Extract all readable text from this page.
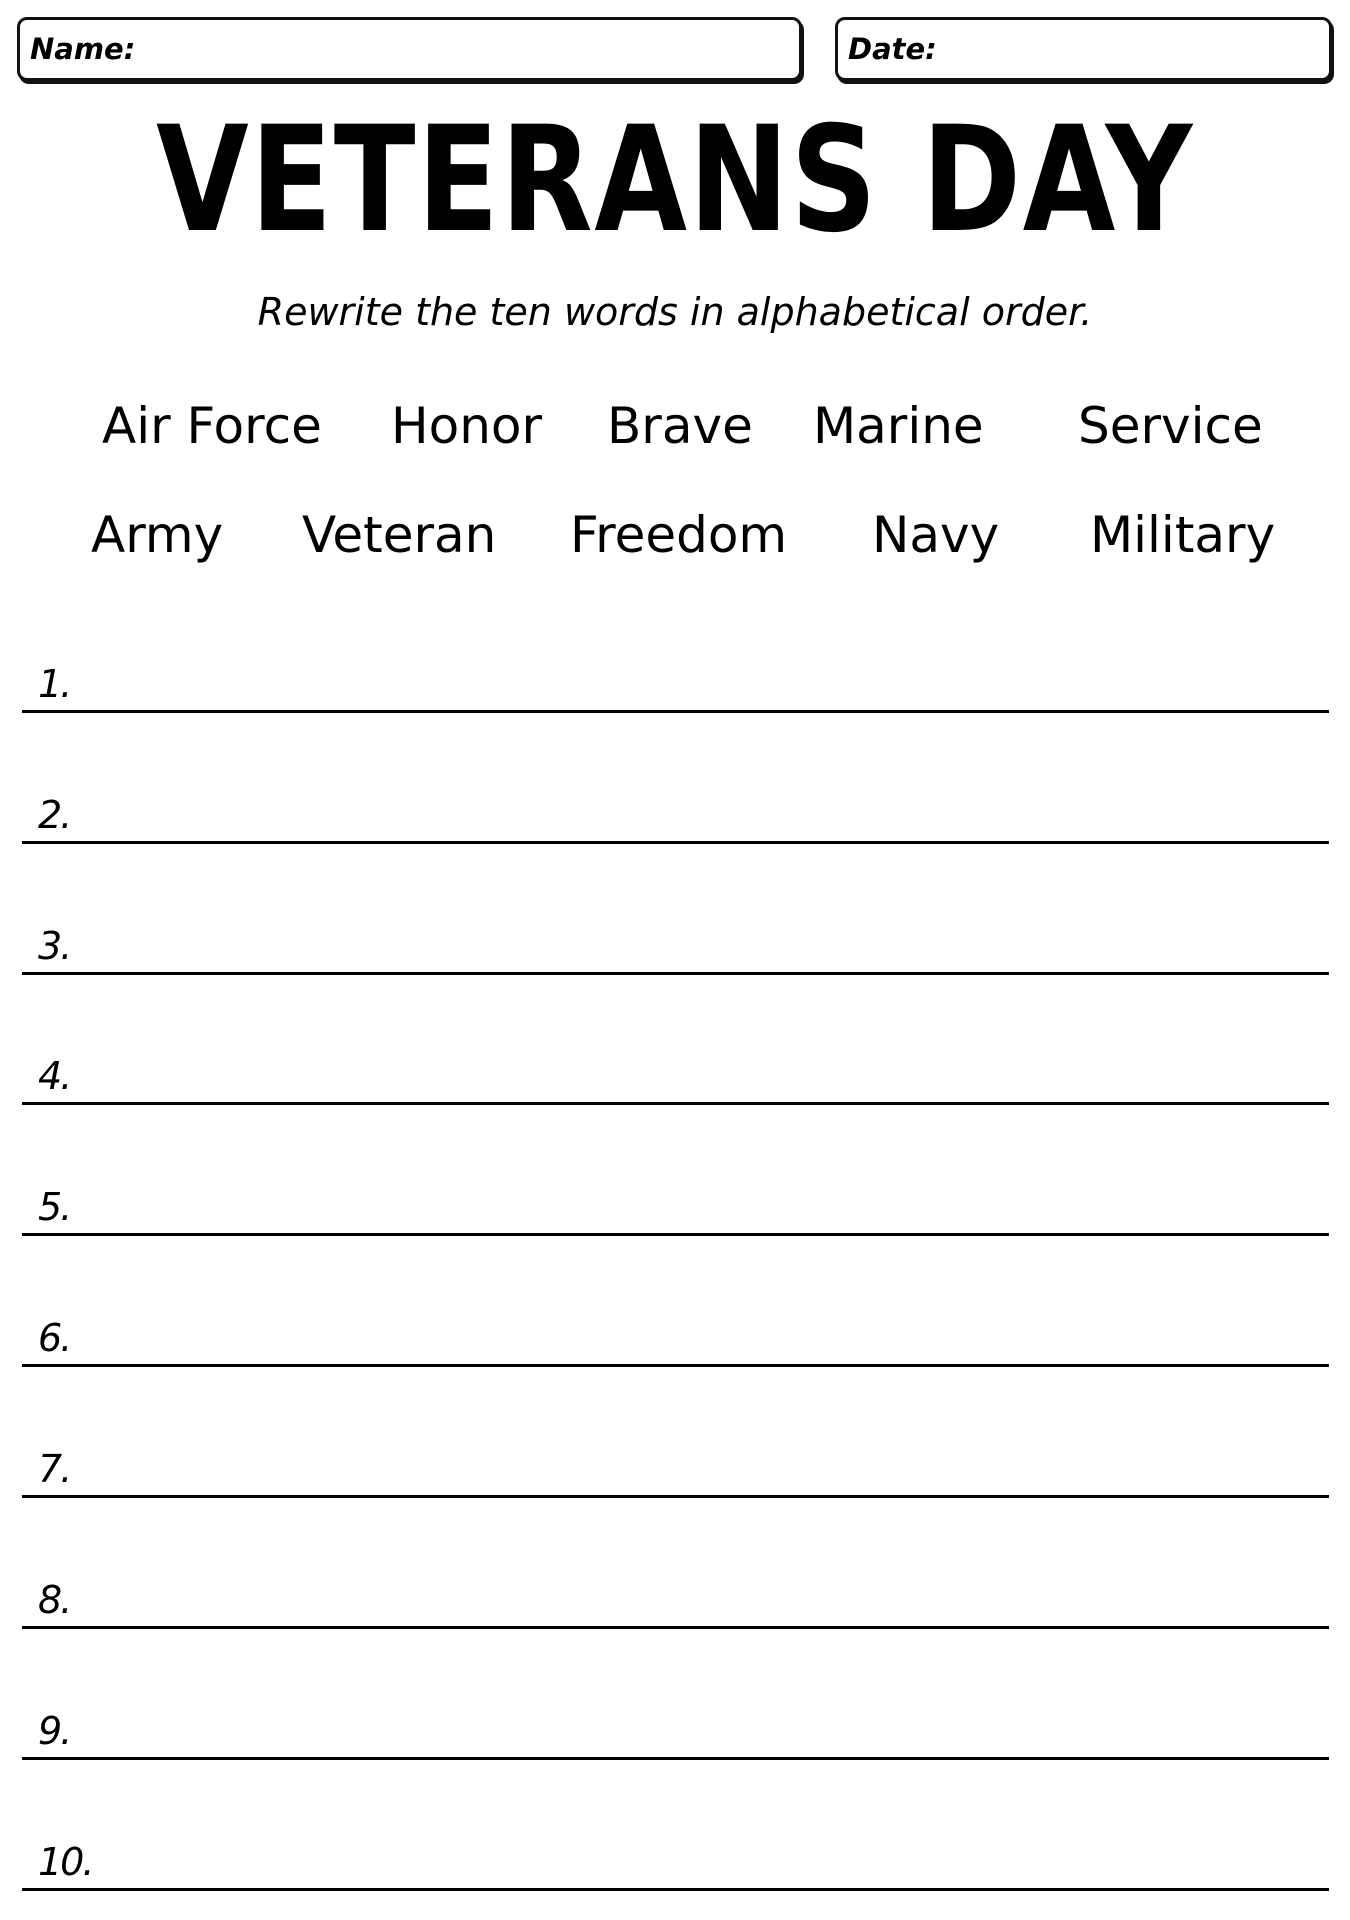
Name:	Date:
VETERANS DAY
Rewrite the ten words in alphabetical order.
Air Force Honor Brave Marine Service
Army Veteran Freedom Navy Military
1.
2.
3.
4.
5.
6.
7.
8.
9.
10.
